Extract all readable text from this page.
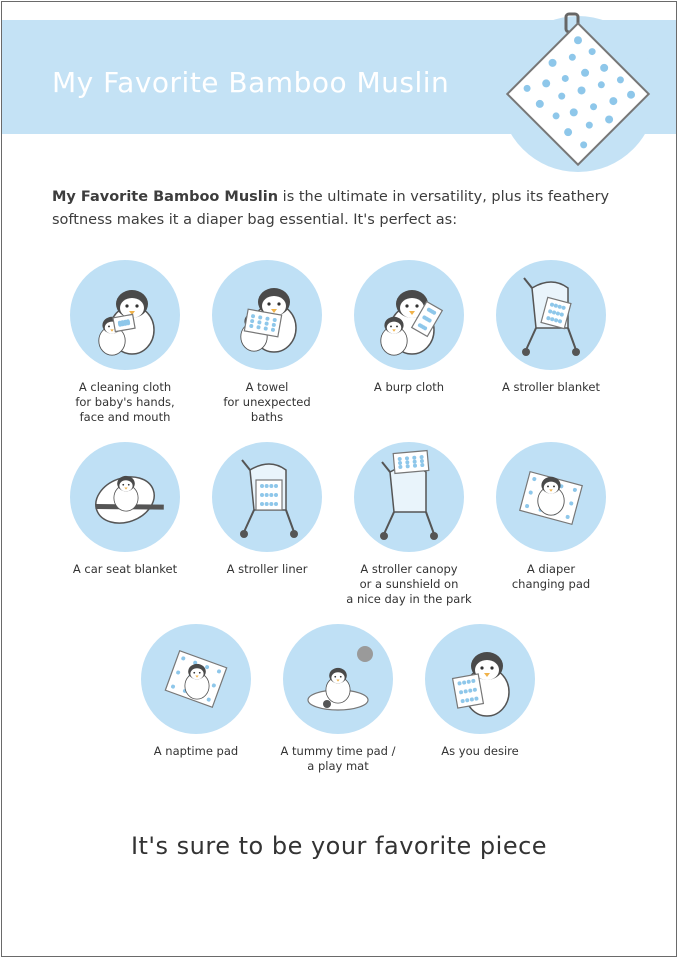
My Favorite Bamboo Muslin
My Favorite Bamboo Muslin is the ultimate in versatility, plus its feathery softness makes it a diaper bag essential. It's perfect as:
A cleaning cloth
for baby's hands,
face and mouth
A towel
for unexpected
baths
A burp cloth	A stroller blanket
A car seat blanket	A stroller liner	A stroller canopy
or a sunshield on
a nice day in the park
A diaper
changing pad
A naptime pad	A tummy time pad /
a play mat
As you desire
It's sure to be your favorite piece
